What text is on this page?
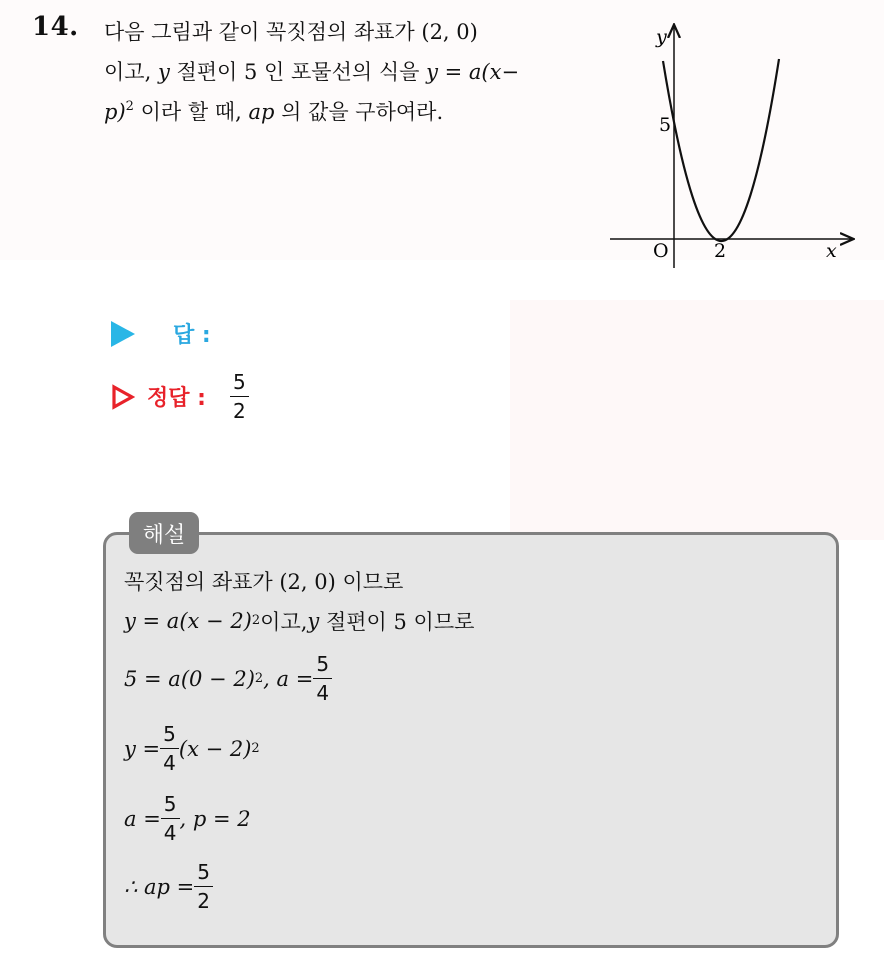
14. 다음 그림과 같이 꼭짓점의 좌표가 (2, 0)
이고, y 절편이 5 인 포물선의 식을 y = a(x−
p)$^2$ 이라 할 때, ap 의 값을 구하여라.
y
x
O 2
5
답 :
정답 : $\frac{5}{2}$
해설
꼭짓점의 좌표가 (2, 0) 이므로
y = a(x − 2) 2 이고, y
절편이 5 이므로
5 = a(0 − 2) 2 , $a = \frac{5}{4}$
$y = \frac{5}{4} (x - 2)$ 2
$a = \frac{5}{4}$ , p = 2
∴ ap = $\frac{5}{2}$
